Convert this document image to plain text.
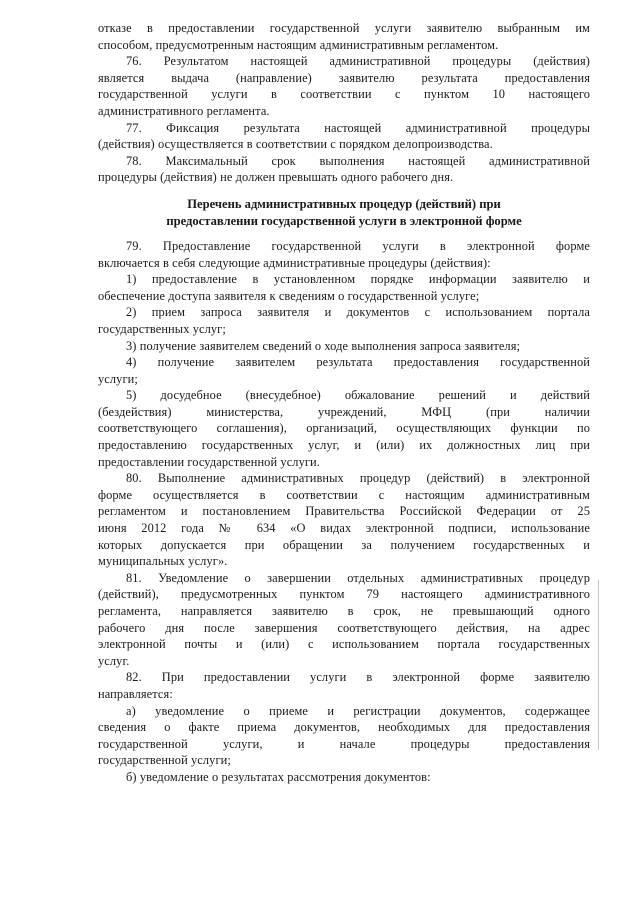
отказе в предоставлении государственной услуги заявителю выбранным им

способом, предусмотренным настоящим административным регламентом.

76. Результатом настоящей административной процедуры (действия)

является выдача (направление) заявителю результата предоставления

государственной услуги в соответствии с пунктом 10 настоящего

административного регламента.

77. Фиксация результата настоящей административной процедуры

(действия) осуществляется в соответствии с порядком делопроизводства.

78. Максимальный срок выполнения настоящей административной

процедуры (действия) не должен превышать одного рабочего дня.

Перечень административных процедур (действий) при
предоставлении государственной услуги в электронной форме

79. Предоставление государственной услуги в электронной форме

включается в себя следующие административные процедуры (действия):

1) предоставление в установленном порядке информации заявителю и

обеспечение доступа заявителя к сведениям о государственной услуге;

2) прием запроса заявителя и документов с использованием портала

государственных услуг;

3) получение заявителем сведений о ходе выполнения запроса заявителя;

4) получение заявителем результата предоставления государственной

услуги;

5) досудебное (внесудебное) обжалование решений и действий

(бездействия) министерства, учреждений, МФЦ (при наличии

соответствующего соглашения), организаций, осуществляющих функции по

предоставлению государственных услуг, и (или) их должностных лиц при

предоставлении государственной услуги.

80. Выполнение административных процедур (действий) в электронной

форме осуществляется в соответствии с настоящим административным

регламентом и постановлением Правительства Российской Федерации от 25

июня 2012 года № 634 «О видах электронной подписи, использование

которых допускается при обращении за получением государственных и

муниципальных услуг».

81. Уведомление о завершении отдельных административных процедур

(действий), предусмотренных пунктом 79 настоящего административного

регламента, направляется заявителю в срок, не превышающий одного

рабочего дня после завершения соответствующего действия, на адрес

электронной почты и (или) с использованием портала государственных

услуг.

82. При предоставлении услуги в электронной форме заявителю

направляется:

а) уведомление о приеме и регистрации документов, содержащее

сведения о факте приема документов, необходимых для предоставления

государственной услуги, и начале процедуры предоставления

государственной услуги;

б) уведомление о результатах рассмотрения документов:
